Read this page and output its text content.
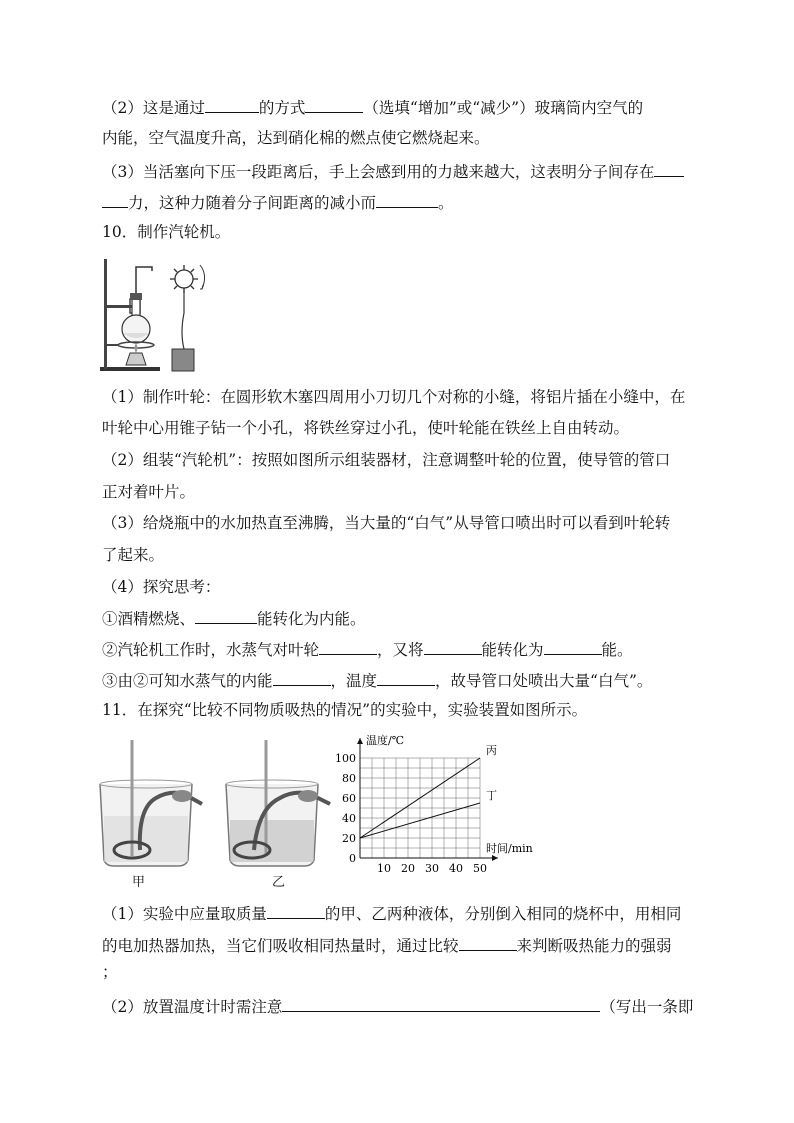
（2）这是通过	的方式	（选填“增加”或“减少”）玻璃筒内空气的
内能，空气温度升高，达到硝化棉的燃点使它燃烧起来。
（3）当活塞向下压一段距离后，手上会感到用的力越来越大，这表明分子间存在
力，这种力随着分子间距离的减小而	。
10．制作汽轮机。
（1）制作叶轮：在圆形软木塞四周用小刀切几个对称的小缝，将铝片插在小缝中，在
叶轮中心用锥子钻一个小孔，将铁丝穿过小孔，使叶轮能在铁丝上自由转动。
（2）组装“汽轮机”：按照如图所示组装器材，注意调整叶轮的位置，使导管的管口
正对着叶片。
（3）给烧瓶中的水加热直至沸腾，当大量的“白气”从导管口喷出时可以看到叶轮转
了起来。
（4）探究思考：
①酒精燃烧、	能转化为内能。
②汽轮机工作时，水蒸气对叶轮	，又将	能转化为	能。
③由②可知水蒸气的内能	，温度	，故导管口处喷出大量“白气”。
11．在探究“比较不同物质吸热的情况”的实验中，实验装置如图所示。
甲	乙
10 20 30 40 50
0
20
40
60
80
100
温度/℃
时间/min
丙
丁
（1）实验中应量取质量	的甲、乙两种液体，分别倒入相同的烧杯中，用相同
的电加热器加热，当它们吸收相同热量时，通过比较	来判断吸热能力的强弱
；
（2）放置温度计时需注意	（写出一条即
